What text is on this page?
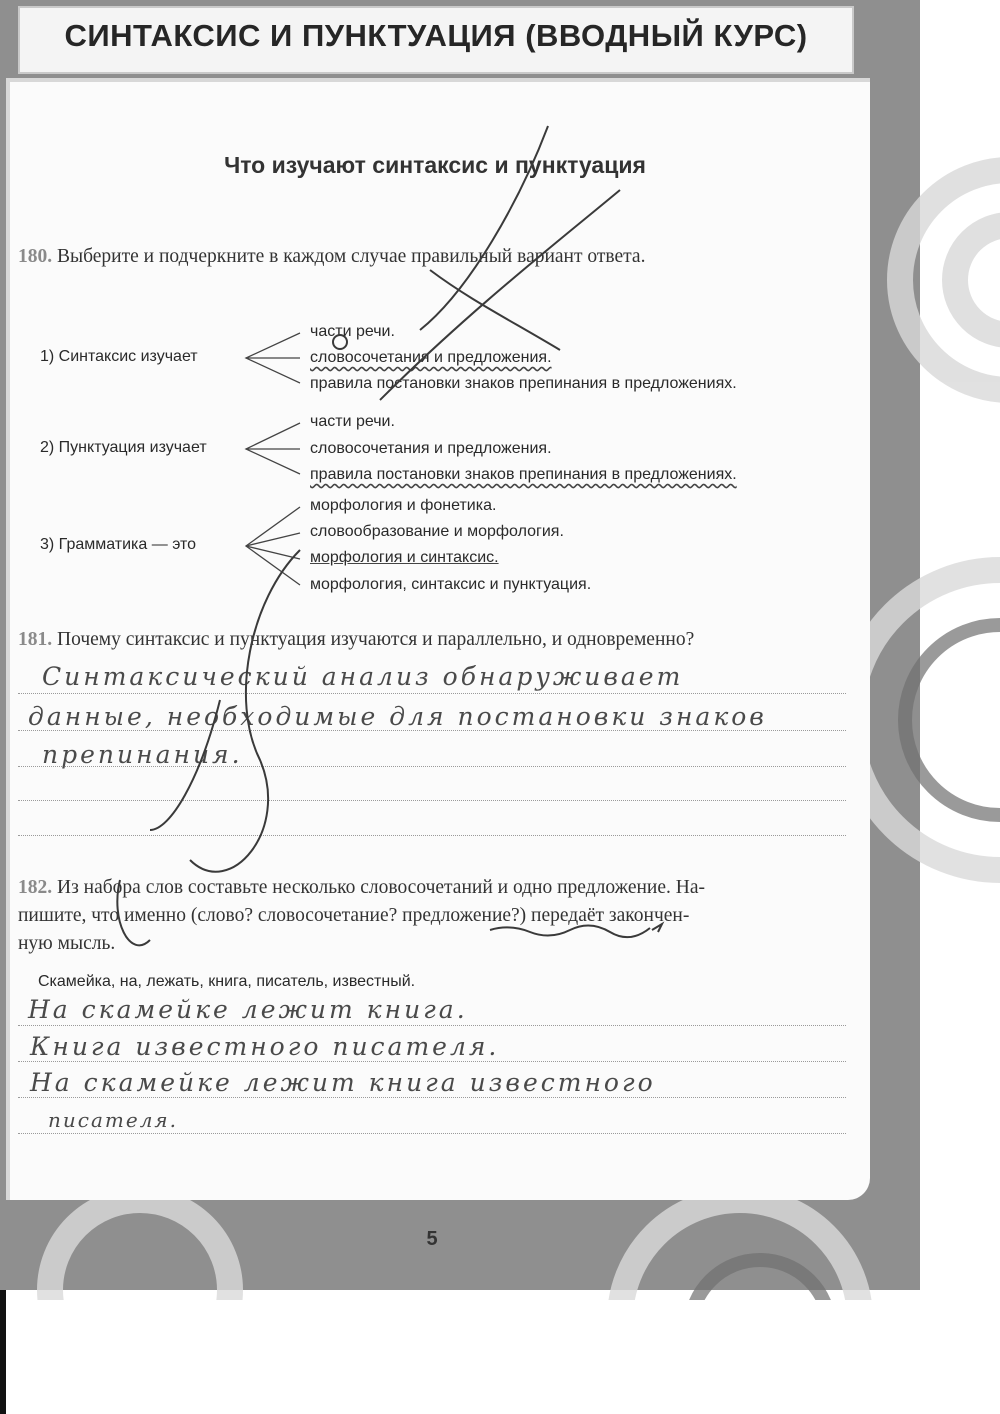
СИНТАКСИС И ПУНКТУАЦИЯ (ВВОДНЫЙ КУРС)
Что изучают синтаксис и пунктуация
180. Выберите и подчеркните в каждом случае правильный вариант ответа.
1) Синтаксис изучает
части речи.
словосочетания и предложения.
правила постановки знаков препинания в предложениях.
2) Пунктуация изучает
части речи.
словосочетания и предложения.
правила постановки знаков препинания в предложениях.
3) Грамматика — это
морфология и фонетика.
словообразование и морфология.
морфология и синтаксис.
морфология, синтаксис и пунктуация.
181. Почему синтаксис и пунктуация изучаются и параллельно, и одновременно?
Синтаксический анализ обнаруживает
данные, необходимые для постановки знаков
препинания.
182. Из набора слов составьте несколько словосочетаний и одно предложение. На-
пишите, что именно (слово? словосочетание? предложение?) передаёт закончен-
ную мысль.
Скамейка, на, лежать, книга, писатель, известный.
На скамейке лежит книга.
Книга известного писателя.
На скамейке лежит книга известного
писателя.
5
